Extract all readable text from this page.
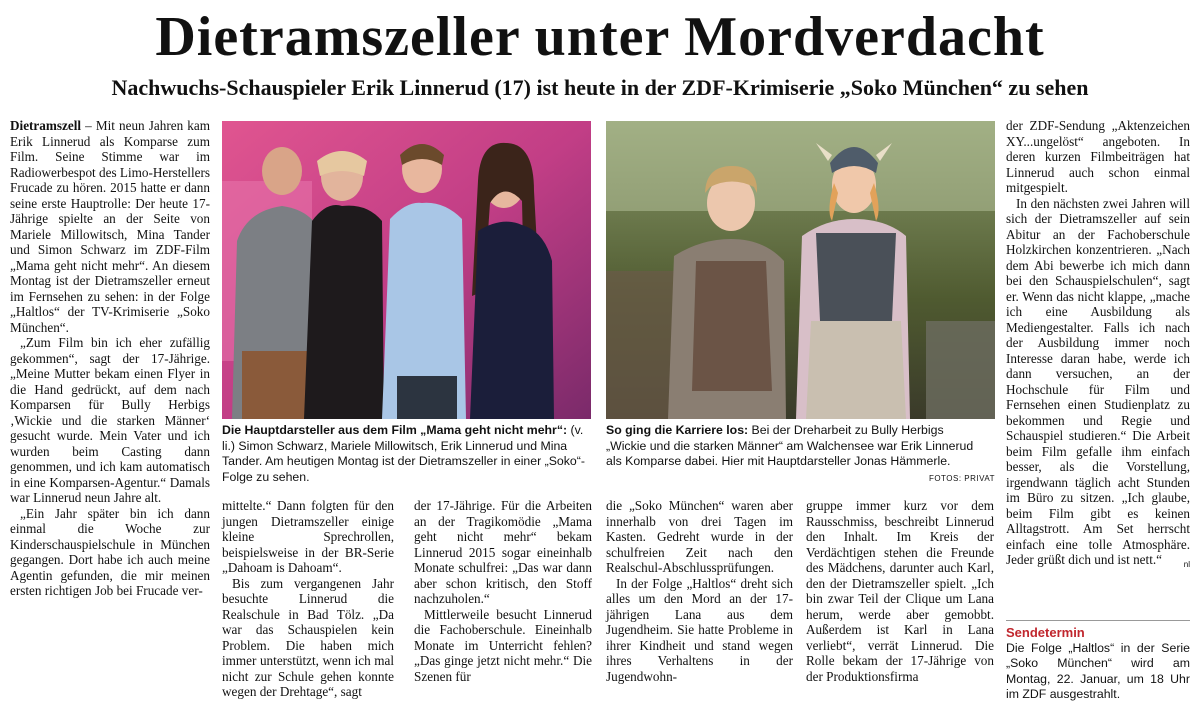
Dietramszeller unter Mordverdacht
Nachwuchs-Schauspieler Erik Linnerud (17) ist heute in der ZDF-Krimiserie „Soko München“ zu sehen

Dietramszell – Mit neun Jahren kam Erik Linnerud als Komparse zum Film. Seine Stimme war im Radiowerbespot des Limo-Herstellers Frucade zu hören. 2015 hatte er dann seine erste Hauptrolle: Der heute 17-Jährige spielte an der Seite von Mariele Millowitsch, Mina Tander und Simon Schwarz im ZDF-Film „Mama geht nicht mehr“. An diesem Montag ist der Dietramszeller erneut im Fernsehen zu sehen: in der Folge „Haltlos“ der TV-Krimiserie „Soko München“.

„Zum Film bin ich eher zufällig gekommen“, sagt der 17-Jährige. „Meine Mutter bekam einen Flyer in die Hand gedrückt, auf dem nach Komparsen für Bully Herbigs ‚Wickie und die starken Männer‘ gesucht wurde. Mein Vater und ich wurden beim Casting dann genommen, und ich kam automatisch in eine Komparsen-Agentur.“ Damals war Linnerud neun Jahre alt.

„Ein Jahr später bin ich dann einmal die Woche zur Kinderschauspielschule in München gegangen. Dort habe ich auch meine Agentin gefunden, die mir meinen ersten richtigen Job bei Frucade ver-

Die Hauptdarsteller aus dem Film „Mama geht nicht mehr“: (v. li.) Simon Schwarz, Mariele Millowitsch, Erik Linnerud und Mina Tander. Am heutigen Montag ist der Dietramszeller in einer „Soko“-Folge zu sehen.
So ging die Karriere los: Bei der Dreharbeit zu Bully Herbigs „Wickie und die starken Männer“ am Walchensee war Erik Linnerud als Komparse dabei. Hier mit Hauptdarsteller Jonas Hämmerle.
FOTOS: PRIVAT

mittelte.“ Dann folgten für den jungen Dietramszeller einige kleine Sprechrollen, beispielsweise in der BR-Serie „Dahoam is Dahoam“.

Bis zum vergangenen Jahr besuchte Linnerud die Realschule in Bad Tölz. „Da war das Schauspielen kein Problem. Die haben mich immer unterstützt, wenn ich mal nicht zur Schule gehen konnte wegen der Drehtage“, sagt

der 17-Jährige. Für die Arbeiten an der Tragikomödie „Mama geht nicht mehr“ bekam Linnerud 2015 sogar eineinhalb Monate schulfrei: „Das war dann aber schon kritisch, den Stoff nachzuholen.“

Mittlerweile besucht Linnerud die Fachoberschule. Eineinhalb Monate im Unterricht fehlen? „Das ginge jetzt nicht mehr.“ Die Szenen für

die „Soko München“ waren aber innerhalb von drei Tagen im Kasten. Gedreht wurde in der schulfreien Zeit nach den Realschul-Abschlussprüfungen.

In der Folge „Haltlos“ dreht sich alles um den Mord an der 17-jährigen Lana aus dem Jugendheim. Sie hatte Probleme in ihrer Kindheit und stand wegen ihres Verhaltens in der Jugendwohn-

gruppe immer kurz vor dem Rausschmiss, beschreibt Linnerud den Inhalt. Im Kreis der Verdächtigen stehen die Freunde des Mädchens, darunter auch Karl, den der Dietramszeller spielt. „Ich bin zwar Teil der Clique um Lana herum, werde aber gemobbt. Außerdem ist Karl in Lana verliebt“, verrät Linnerud. Die Rolle bekam der 17-Jährige von der Produktionsfirma

der ZDF-Sendung „Aktenzeichen XY...ungelöst“ angeboten. In deren kurzen Filmbeiträgen hat Linnerud auch schon einmal mitgespielt.

In den nächsten zwei Jahren will sich der Dietramszeller auf sein Abitur an der Fachoberschule Holzkirchen konzentrieren. „Nach dem Abi bewerbe ich mich dann bei den Schauspielschulen“, sagt er. Wenn das nicht klappe, „mache ich eine Ausbildung als Mediengestalter. Falls ich nach der Ausbildung immer noch Interesse daran habe, werde ich dann versuchen, an der Hochschule für Film und Fernsehen einen Studienplatz zu bekommen und Regie und Schauspiel studieren.“ Die Arbeit beim Film gefalle ihm einfach besser, als die Vorstellung, irgendwann täglich acht Stunden im Büro zu sitzen. „Ich glaube, beim Film gibt es keinen Alltagstrott. Am Set herrscht einfach eine tolle Atmosphäre. Jeder grüßt dich und ist nett.“	nl

Sendetermin
Die Folge „Haltlos“ in der Serie „Soko München“ wird am Montag, 22. Januar, um 18 Uhr im ZDF ausgestrahlt.
